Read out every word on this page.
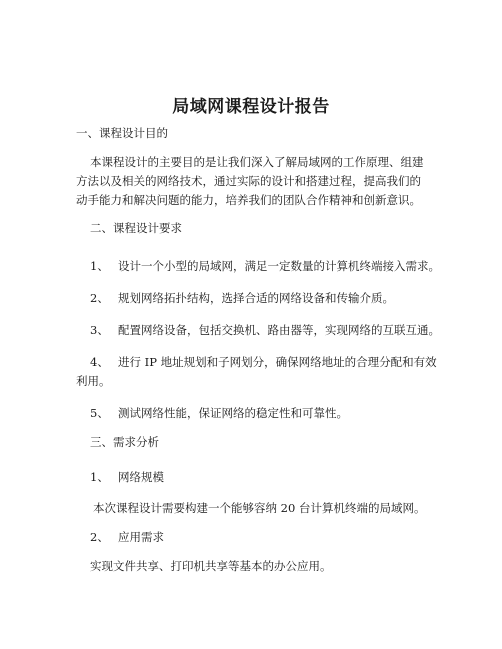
局域网课程设计报告
一、课程设计目的
本课程设计的主要目的是让我们深入了解局域网的工作原理、组建
方法以及相关的网络技术，通过实际的设计和搭建过程，提高我们的
动手能力和解决问题的能力，培养我们的团队合作精神和创新意识。
二、课程设计要求
1、 设计一个小型的局域网，满足一定数量的计算机终端接入需求。
2、 规划网络拓扑结构，选择合适的网络设备和传输介质。
3、 配置网络设备，包括交换机、路由器等，实现网络的互联互通。
4、 进行 IP 地址规划和子网划分，确保网络地址的合理分配和有效
利用。
5、 测试网络性能，保证网络的稳定性和可靠性。
三、需求分析
1、 网络规模
本次课程设计需要构建一个能够容纳 20 台计算机终端的局域网。
2、 应用需求
实现文件共享、打印机共享等基本的办公应用。
